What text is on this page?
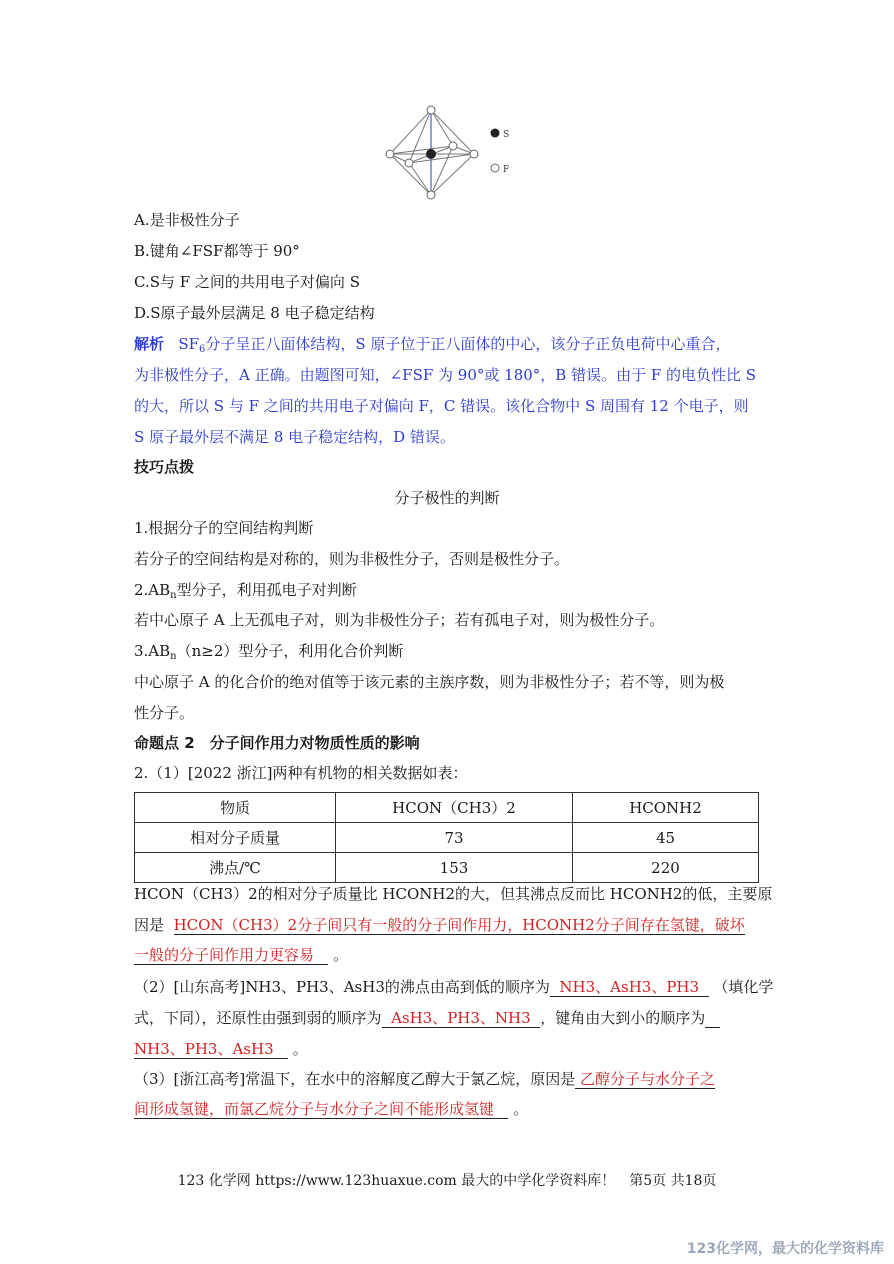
S
F
A.是非极性分子
B.键角∠FSF都等于 90°
C.S与 F 之间的共用电子对偏向 S
D.S原子最外层满足 8 电子稳定结构
解析 $SF_6$分子呈正八面体结构，S 原子位于正八面体的中心，该分子正负电荷中心重合，
为非极性分子，A 正确。由题图可知，∠FSF 为 90°或 180°，B 错误。由于 F 的电负性比 S
的大，所以 S 与 F 之间的共用电子对偏向 F，C 错误。该化合物中 S 周围有 12 个电子，则
S 原子最外层不满足 8 电子稳定结构，D 错误。
技巧点拨
分子极性的判断
1.根据分子的空间结构判断
若分子的空间结构是对称的，则为非极性分子，否则是极性分子。
$2.AB_n$型分子，利用孤电子对判断
若中心原子 A 上无孤电子对，则为非极性分子；若有孤电子对，则为极性分子。
$3.AB_n(n\ge 2)$型分子，利用化合价判断
中心原子 A 的化合价的绝对值等于该元素的主族序数，则为非极性分子；若不等，则为极
性分子。
命题点 2　分子间作用力对物质性质的影响
2.（1）[2022 浙江]两种有机物的相关数据如表：
物质	HCON（CH3）2	HCONH2
相对分子质量	73	45
沸点/℃	153	220
HCON（CH3）2的相对分子质量比 HCONH2的大，但其沸点反而比 HCONH2的低，主要原
因是 HCON（CH3）2分子间只有一般的分子间作用力，HCONH2分子间存在氢键，破坏
一般的分子间作用力更容易 。
（2）[山东高考]NH3、PH3、AsH3的沸点由高到低的顺序为 NH3、AsH3、PH3 （填化学
式，下同），还原性由强到弱的顺序为 AsH3、PH3、NH3 ，键角由大到小的顺序为
NH3、PH3、AsH3 。
（3）[浙江高考]常温下，在水中的溶解度乙醇大于氯乙烷，原因是 乙醇分子与水分子之
间形成氢键，而氯乙烷分子与水分子之间不能形成氢键 。
123 化学网 https://www.123huaxue.com 最大的中学化学资料库！　第5页 共18页
123化学网，最大的化学资料库
